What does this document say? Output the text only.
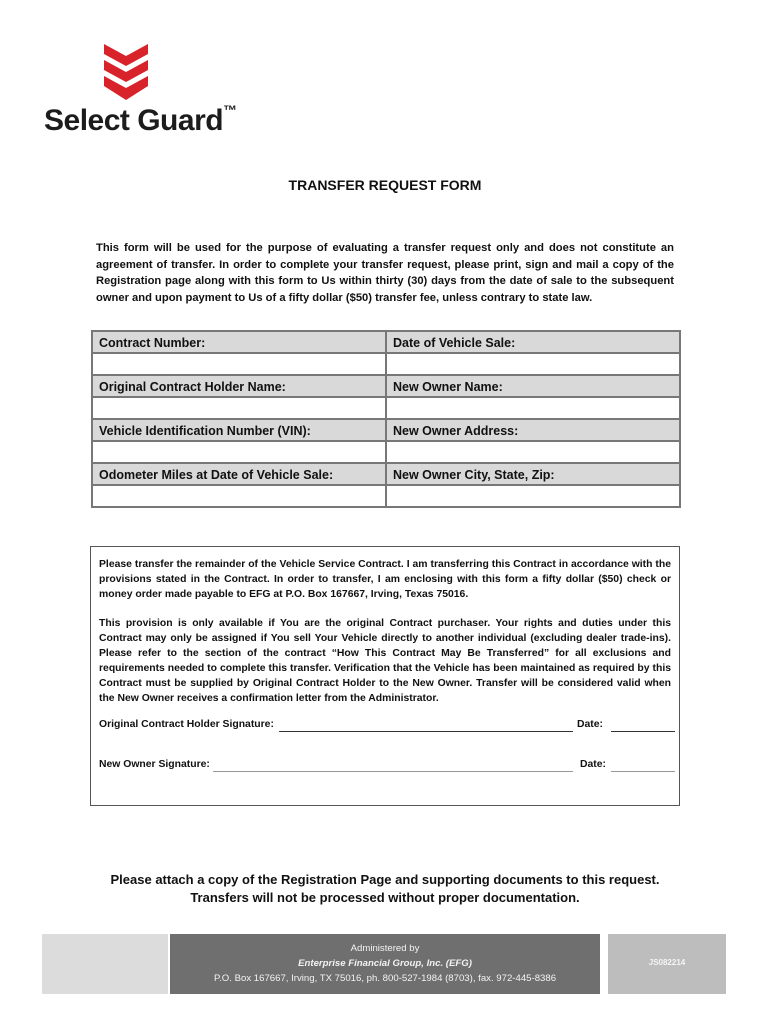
Select Guard™
TRANSFER REQUEST FORM
This form will be used for the purpose of evaluating a transfer request only and does not constitute an agreement of transfer. In order to complete your transfer request, please print, sign and mail a copy of the Registration page along with this form to Us within thirty (30) days from the date of sale to the subsequent owner and upon payment to Us of a fifty dollar ($50) transfer fee, unless contrary to state law.
Contract Number:	Date of Vehicle Sale:
Original Contract Holder Name:	New Owner Name:
Vehicle Identification Number (VIN):	New Owner Address:
Odometer Miles at Date of Vehicle Sale:	New Owner City, State, Zip:

Please transfer the remainder of the Vehicle Service Contract. I am transferring this Contract in accordance with the provisions stated in the Contract. In order to transfer, I am enclosing with this form a fifty dollar ($50) check or money order made payable to EFG at P.O. Box 167667, Irving, Texas 75016.

This provision is only available if You are the original Contract purchaser. Your rights and duties under this Contract may only be assigned if You sell Your Vehicle directly to another individual (excluding dealer trade-ins). Please refer to the section of the contract “How This Contract May Be Transferred” for all exclusions and requirements needed to complete this transfer. Verification that the Vehicle has been maintained as required by this Contract must be supplied by Original Contract Holder to the New Owner. Transfer will be considered valid when the New Owner receives a confirmation letter from the Administrator.

Original Contract Holder Signature:	Date:
New Owner Signature:	Date:
Please attach a copy of the Registration Page and supporting documents to this request.
Transfers will not be processed without proper documentation.
Administered by
Enterprise Financial Group, Inc. (EFG)
P.O. Box 167667, Irving, TX 75016, ph. 800-527-1984 (8703), fax. 972-445-8386
JS082214
